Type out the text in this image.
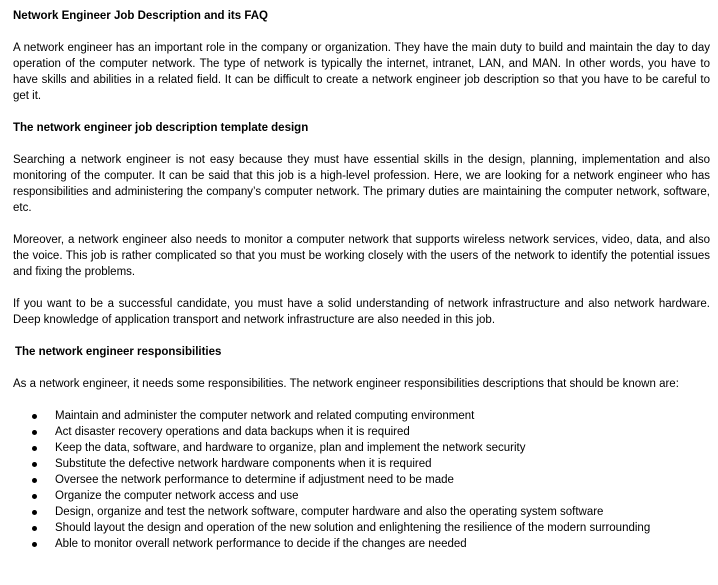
Network Engineer Job Description and its FAQ

A network engineer has an important role in the company or organization. They have the main duty to build and maintain the day to day operation of the computer network. The type of network is typically the internet, intranet, LAN, and MAN. In other words, you have to have skills and abilities in a related field. It can be difficult to create a network engineer job description so that you have to be careful to get it.

The network engineer job description template design

Searching a network engineer is not easy because they must have essential skills in the design, planning, implementation and also monitoring of the computer. It can be said that this job is a high-level profession. Here, we are looking for a network engineer who has responsibilities and administering the company’s computer network. The primary duties are maintaining the computer network, software, etc.

Moreover, a network engineer also needs to monitor a computer network that supports wireless network services, video, data, and also the voice. This job is rather complicated so that you must be working closely with the users of the network to identify the potential issues and fixing the problems.

If you want to be a successful candidate, you must have a solid understanding of network infrastructure and also network hardware. Deep knowledge of application transport and network infrastructure are also needed in this job.

The network engineer responsibilities

As a network engineer, it needs some responsibilities. The network engineer responsibilities descriptions that should be known are:

Maintain and administer the computer network and related computing environment
Act disaster recovery operations and data backups when it is required
Keep the data, software, and hardware to organize, plan and implement the network security
Substitute the defective network hardware components when it is required
Oversee the network performance to determine if adjustment need to be made
Organize the computer network access and use
Design, organize and test the network software, computer hardware and also the operating system software
Should layout the design and operation of the new solution and enlightening the resilience of the modern surrounding
Able to monitor overall network performance to decide if the changes are needed
